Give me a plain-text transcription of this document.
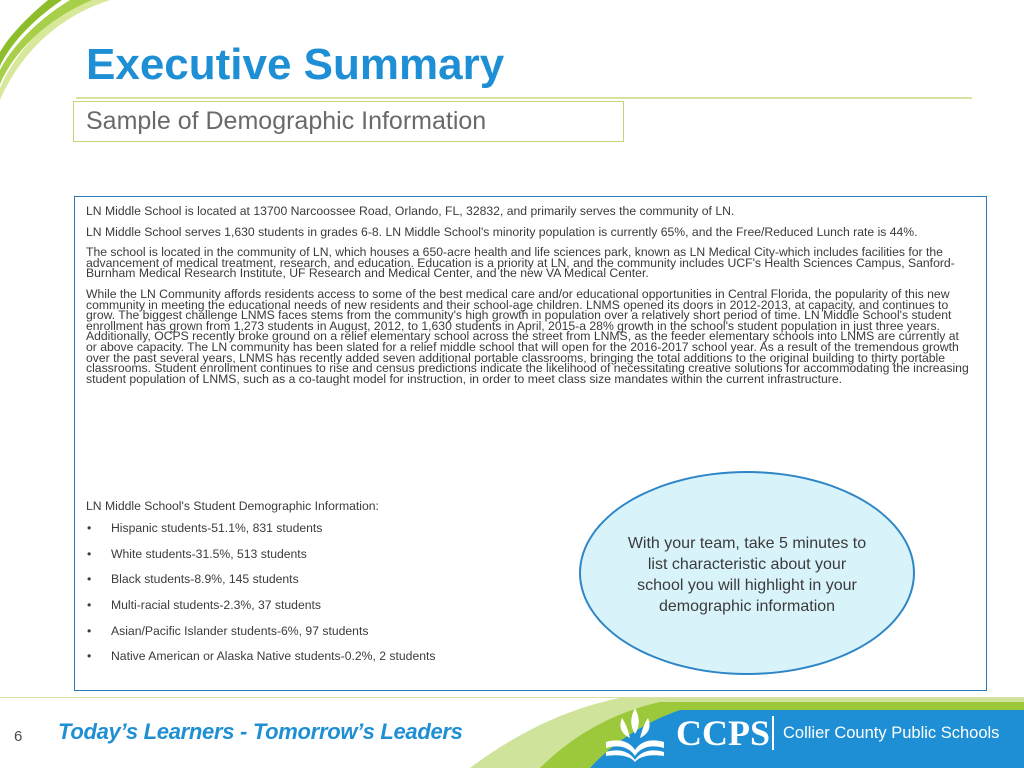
Executive Summary
Sample of Demographic Information

LN Middle School is located at 13700 Narcoossee Road, Orlando, FL, 32832, and primarily serves the community of LN.

LN Middle School serves 1,630 students in grades 6-8. LN Middle School's minority population is currently 65%, and the Free/Reduced Lunch rate is 44%.

The school is located in the community of LN, which houses a 650-acre health and life sciences park, known as LN Medical City-which includes facilities for the advancement of medical treatment, research, and education. Education is a priority at LN, and the community includes UCF's Health Sciences Campus, Sanford-Burnham Medical Research Institute, UF Research and Medical Center, and the new VA Medical Center.

While the LN Community affords residents access to some of the best medical care and/or educational opportunities in Central Florida, the popularity of this new community in meeting the educational needs of new residents and their school-age children. LNMS opened its doors in 2012-2013, at capacity, and continues to grow. The biggest challenge LNMS faces stems from the community's high growth in population over a relatively short period of time. LN Middle School's student enrollment has grown from 1,273 students in August, 2012, to 1,630 students in April, 2015-a 28% growth in the school's student population in just three years. Additionally, OCPS recently broke ground on a relief elementary school across the street from LNMS, as the feeder elementary schools into LNMS are currently at or above capacity. The LN community has been slated for a relief middle school that will open for the 2016-2017 school year. As a result of the tremendous growth over the past several years, LNMS has recently added seven additional portable classrooms, bringing the total additions to the original building to thirty portable classrooms. Student enrollment continues to rise and census predictions indicate the likelihood of necessitating creative solutions for accommodating the increasing student population of LNMS, such as a co-taught model for instruction, in order to meet class size mandates within the current infrastructure.

LN Middle School's Student Demographic Information:
•	Hispanic students-51.1%, 831 students
•	White students-31.5%, 513 students
•	Black students-8.9%, 145 students
•	Multi-racial students-2.3%, 37 students
•	Asian/Pacific Islander students-6%, 97 students
•	Native American or Alaska Native students-0.2%, 2 students
With your team, take 5 minutes to list characteristic about your school you will highlight in your demographic information
6 Today’s Learners - Tomorrow’s Leaders	CCPS Collier County Public Schools
